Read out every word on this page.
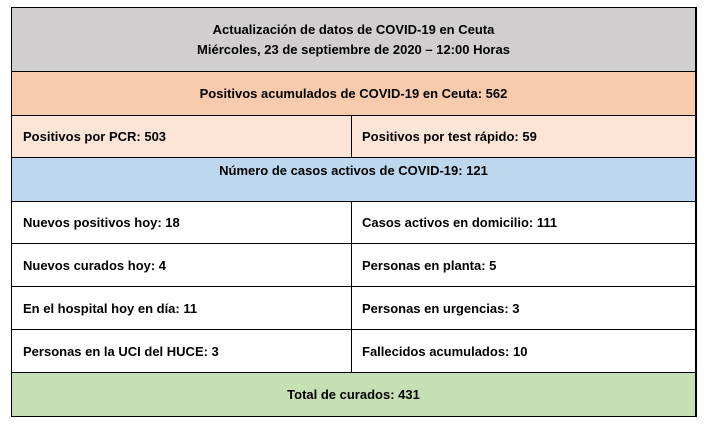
Actualización de datos de COVID-19 en Ceuta
Miércoles, 23 de septiembre de 2020 – 12:00 Horas
Positivos acumulados de COVID-19 en Ceuta: 562
Positivos por PCR: 503	Positivos por test rápido: 59
Número de casos activos de COVID-19: 121
Nuevos positivos hoy: 18	Casos activos en domicilio: 111
Nuevos curados hoy: 4	Personas en planta: 5
En el hospital hoy en día: 11	Personas en urgencias: 3
Personas en la UCI del HUCE: 3	Fallecidos acumulados: 10
Total de curados: 431
